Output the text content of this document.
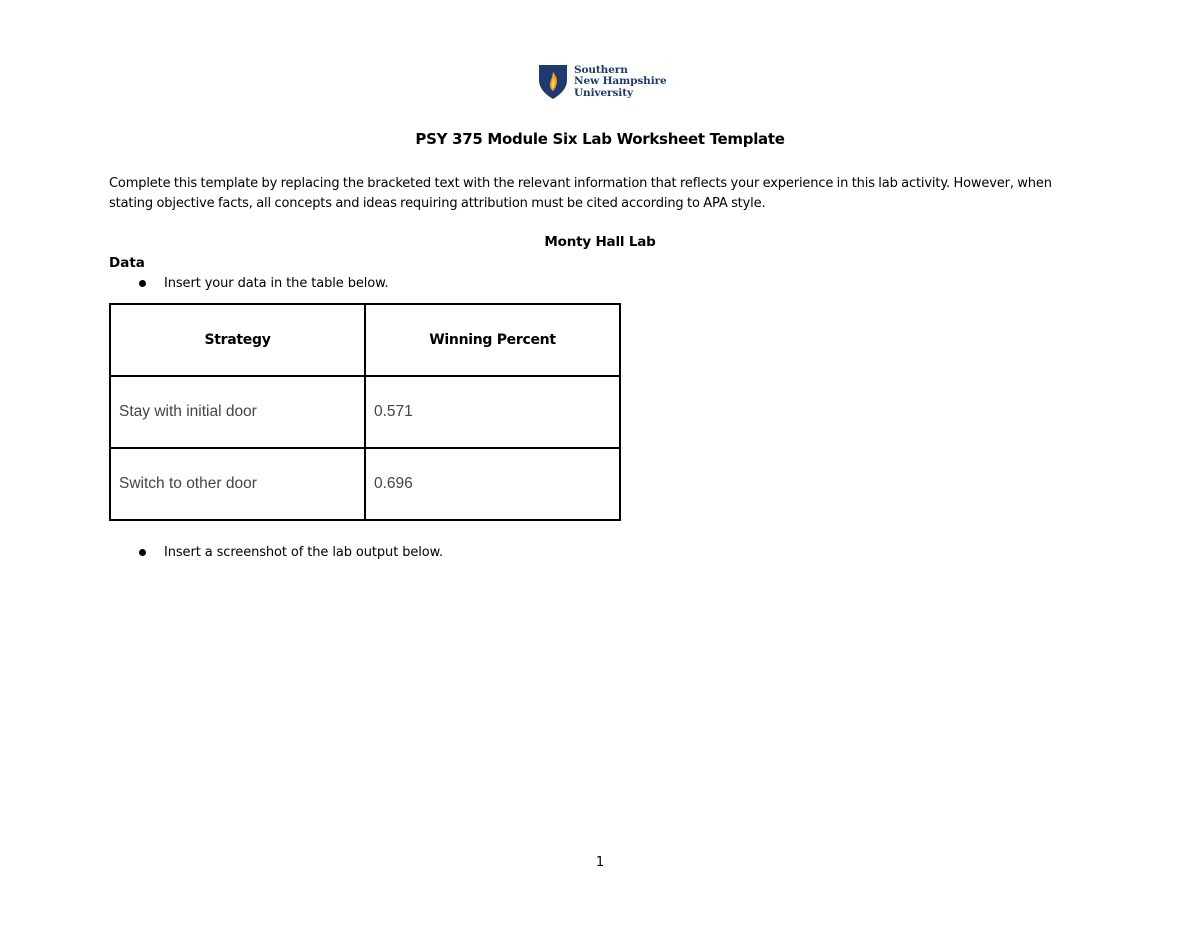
Southern
New Hampshire
University
PSY 375 Module Six Lab Worksheet Template
Complete this template by replacing the bracketed text with the relevant information that reflects your experience in this lab activity. However, when stating objective facts, all concepts and ideas requiring attribution must be cited according to APA style.
Monty Hall Lab
Data
Insert your data in the table below.
Strategy	Winning Percent
Stay with initial door	0.571
Switch to other door	0.696
Insert a screenshot of the lab output below.
1
